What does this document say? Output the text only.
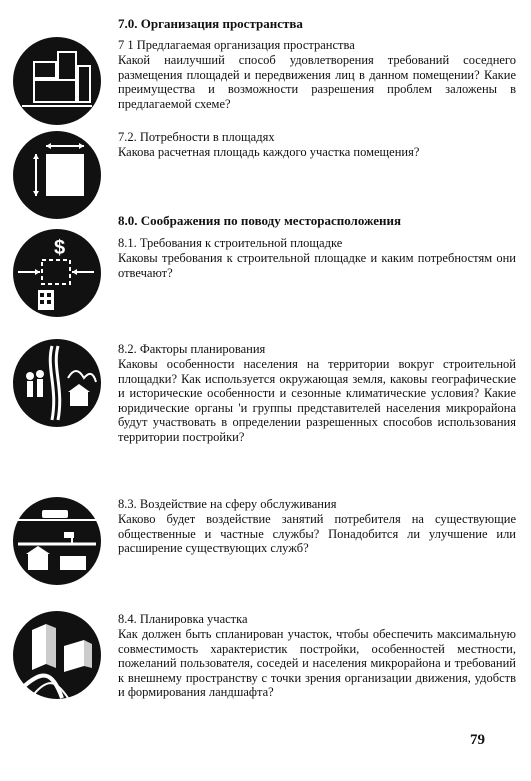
7.0. Организация пространства

7 1 Предлагаемая организация пространства

Какой наилучший способ удовлетворения требований соседнего размещения площадей и передвижения лиц в данном помещении? Какие преимущества и возможности разрешения проблем заложены в предлагаемой схеме?

7.2. Потребности в площадях

Какова расчетная площадь каждого участка помещения?

8.0. Соображения по поводу месторасположения

$	8.1. Требования к строительной площадке

Каковы требования к строительной площадке и каким потребностям они отвечают?

8.2. Факторы планирования

Каковы особенности населения на территории вокруг строительной площадки? Как используется окружающая земля, каковы географические и исторические особенности и сезонные климатические условия? Какие юридические органы 'и группы представителей населения микрорайона будут участвовать в определении разрешенных способов использования территории постройки?

8.3. Воздействие на сферу обслуживания

Каково будет воздействие занятий потребителя на существующие общественные и частные службы? Понадобится ли улучшение или расширение существующих служб?

8.4. Планировка участка

Как должен быть спланирован участок, чтобы обеспечить максимальную совместимость характеристик постройки, особенностей местности, пожеланий пользователя, соседей и населения микрорайона и требований к внешнему пространству с точки зрения организации движения, удобств и формирования ландшафта?

79
